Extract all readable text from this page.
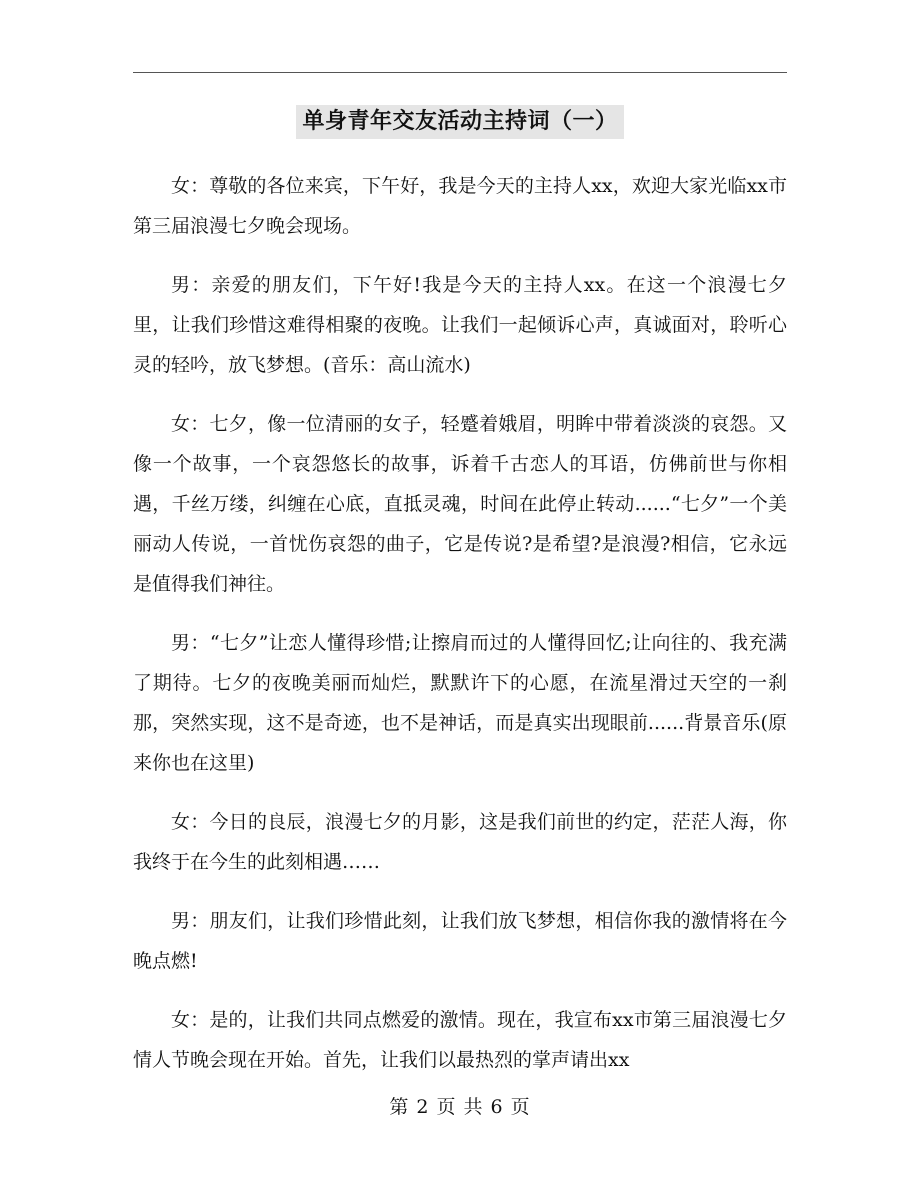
单身青年交友活动主持词（一）

女：尊敬的各位来宾，下午好，我是今天的主持人xx，欢迎大家光临xx市第三届浪漫七夕晚会现场。

男：亲爱的朋友们，下午好!我是今天的主持人xx。在这一个浪漫七夕里，让我们珍惜这难得相聚的夜晚。让我们一起倾诉心声，真诚面对，聆听心灵的轻吟，放飞梦想。(音乐：高山流水)

女：七夕，像一位清丽的女子，轻蹙着娥眉，明眸中带着淡淡的哀怨。又像一个故事，一个哀怨悠长的故事，诉着千古恋人的耳语，仿佛前世与你相遇，千丝万缕，纠缠在心底，直抵灵魂，时间在此停止转动......“七夕”一个美丽动人传说，一首忧伤哀怨的曲子，它是传说?是希望?是浪漫?相信，它永远是值得我们神往。

男：“七夕”让恋人懂得珍惜;让擦肩而过的人懂得回忆;让向往的、我充满了期待。七夕的夜晚美丽而灿烂，默默许下的心愿，在流星滑过天空的一刹那，突然实现，这不是奇迹，也不是神话，而是真实出现眼前......背景音乐(原来你也在这里)

女：今日的良辰，浪漫七夕的月影，这是我们前世的约定，茫茫人海，你我终于在今生的此刻相遇……

男：朋友们，让我们珍惜此刻，让我们放飞梦想，相信你我的激情将在今晚点燃!

女：是的，让我们共同点燃爱的激情。现在，我宣布xx市第三届浪漫七夕情人节晚会现在开始。首先，让我们以最热烈的掌声请出xx

第 2 页 共 6 页
